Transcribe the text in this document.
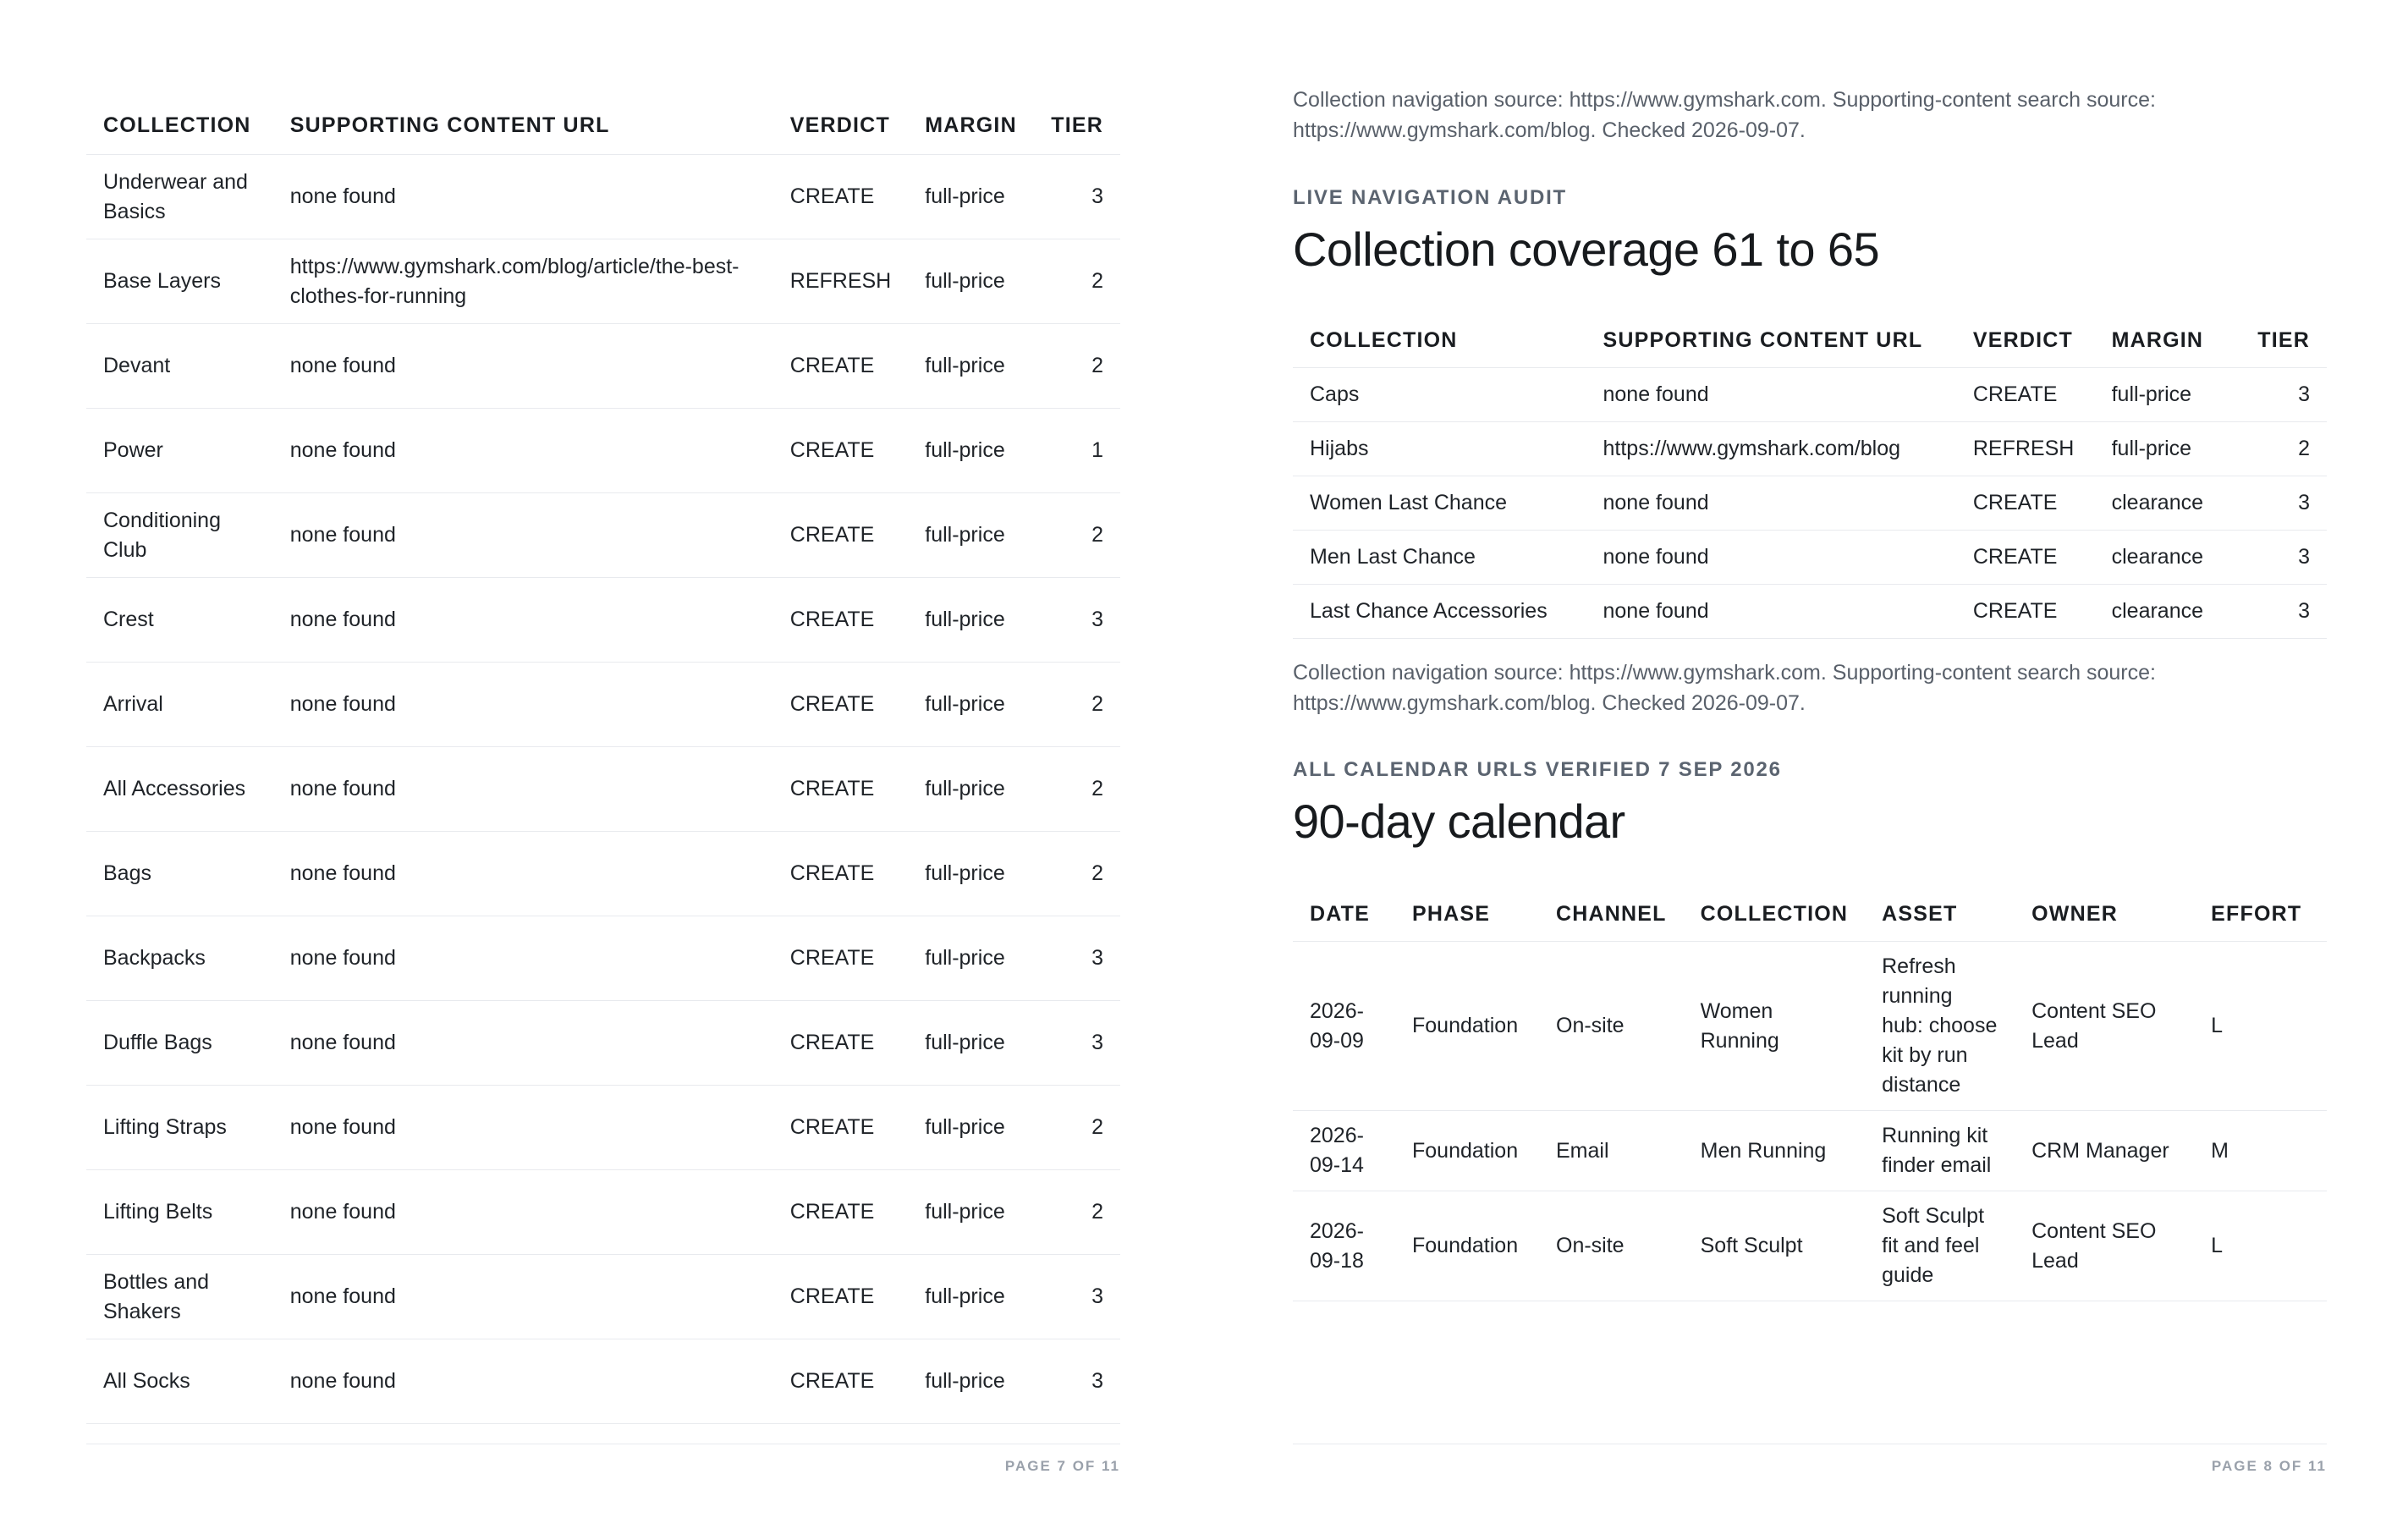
COLLECTION	SUPPORTING CONTENT URL	VERDICT	MARGIN	TIER
Underwear and Basics	none found	CREATE	full-price	3
Base Layers	https://www.gymshark.com/blog/article/the-best-clothes-for-running	REFRESH	full-price	2
Devant	none found	CREATE	full-price	2
Power	none found	CREATE	full-price	1
Conditioning Club	none found	CREATE	full-price	2
Crest	none found	CREATE	full-price	3
Arrival	none found	CREATE	full-price	2
All Accessories	none found	CREATE	full-price	2
Bags	none found	CREATE	full-price	2
Backpacks	none found	CREATE	full-price	3
Duffle Bags	none found	CREATE	full-price	3
Lifting Straps	none found	CREATE	full-price	2
Lifting Belts	none found	CREATE	full-price	2
Bottles and Shakers	none found	CREATE	full-price	3
All Socks	none found	CREATE	full-price	3
PAGE 7 OF 11
Collection navigation source: https://www.gymshark.com. Supporting-content search source: https://www.gymshark.com/blog. Checked 2026-09-07.
LIVE NAVIGATION AUDIT
Collection coverage 61 to 65
COLLECTION	SUPPORTING CONTENT URL	VERDICT	MARGIN	TIER
Caps	none found	CREATE	full-price	3
Hijabs	https://www.gymshark.com/blog	REFRESH	full-price	2
Women Last Chance	none found	CREATE	clearance	3
Men Last Chance	none found	CREATE	clearance	3
Last Chance Accessories	none found	CREATE	clearance	3
Collection navigation source: https://www.gymshark.com. Supporting-content search source: https://www.gymshark.com/blog. Checked 2026-09-07.
ALL CALENDAR URLS VERIFIED 7 SEP 2026
90-day calendar
DATE	PHASE	CHANNEL	COLLECTION	ASSET	OWNER	EFFORT
2026-09-09	Foundation	On-site	Women Running	Refresh running hub: choose kit by run distance	Content SEO Lead	L
2026-09-14	Foundation	Email	Men Running	Running kit finder email	CRM Manager	M
2026-09-18	Foundation	On-site	Soft Sculpt	Soft Sculpt fit and feel guide	Content SEO Lead	L
PAGE 8 OF 11
